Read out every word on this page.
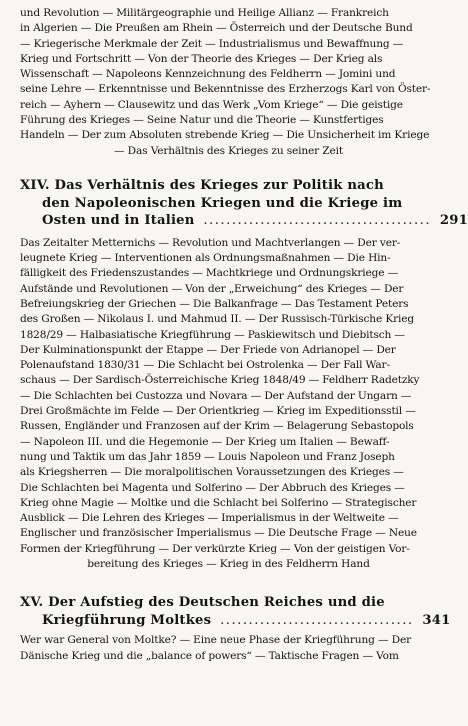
und Revolution — Militärgeographie und Heilige Allianz — Frankreich
in Algerien — Die Preußen am Rhein — Österreich und der Deutsche Bund
— Kriegerische Merkmale der Zeit — Industrialismus und Bewaffnung —
Krieg und Fortschritt — Von der Theorie des Krieges — Der Krieg als
Wissenschaft — Napoleons Kennzeichnung des Feldherrn — Jomini und
seine Lehre — Erkenntnisse und Bekenntnisse des Erzherzogs Karl von Öster-
reich — Ayhern — Clausewitz und das Werk „Vom Kriege“ — Die geistige
Führung des Krieges — Seine Natur und die Theorie — Kunstfertiges
Handeln — Der zum Absoluten strebende Krieg — Die Unsicherheit im Kriege
— Das Verhältnis des Krieges zu seiner Zeit

XIV. Das Verhältnis des Krieges zur Politik nach
den Napoleonischen Kriegen und die Kriege im
Osten und in Italien ........................................ 291

Das Zeitalter Metternichs — Revolution und Machtverlangen — Der ver-
leugnete Krieg — Interventionen als Ordnungsmaßnahmen — Die Hin-
fälligkeit des Friedenszustandes — Machtkriege und Ordnungskriege —
Aufstände und Revolutionen — Von der „Erweichung“ des Krieges — Der
Befreiungskrieg der Griechen — Die Balkanfrage — Das Testament Peters
des Großen — Nikolaus I. und Mahmud II. — Der Russisch-Türkische Krieg
1828/29 — Halbasiatische Kriegführung — Paskiewitsch und Diebitsch —
Der Kulminationspunkt der Etappe — Der Friede von Adrianopel — Der
Polenaufstand 1830/31 — Die Schlacht bei Ostrolenka — Der Fall War-
schaus — Der Sardisch-Österreichische Krieg 1848/49 — Feldherr Radetzky
— Die Schlachten bei Custozza und Novara — Der Aufstand der Ungarn —
Drei Großmächte im Felde — Der Orientkrieg — Krieg im Expeditionsstil —
Russen, Engländer und Franzosen auf der Krim — Belagerung Sebastopols
— Napoleon III. und die Hegemonie — Der Krieg um Italien — Bewaff-
nung und Taktik um das Jahr 1859 — Louis Napoleon und Franz Joseph
als Kriegsherren — Die moralpolitischen Voraussetzungen des Krieges —
Die Schlachten bei Magenta und Solferino — Der Abbruch des Krieges —
Krieg ohne Magie — Moltke und die Schlacht bei Solferino — Strategischer
Ausblick — Die Lehren des Krieges — Imperialismus in der Weltweite —
Englischer und französischer Imperialismus — Die Deutsche Frage — Neue
Formen der Kriegführung — Der verkürzte Krieg — Von der geistigen Vor-
bereitung des Krieges — Krieg in des Feldherrn Hand

XV. Der Aufstieg des Deutschen Reiches und die
Kriegführung Moltkes .................................. 341

Wer war General von Moltke? — Eine neue Phase der Kriegführung — Der
Dänische Krieg und die „balance of powers“ — Taktische Fragen — Vom
